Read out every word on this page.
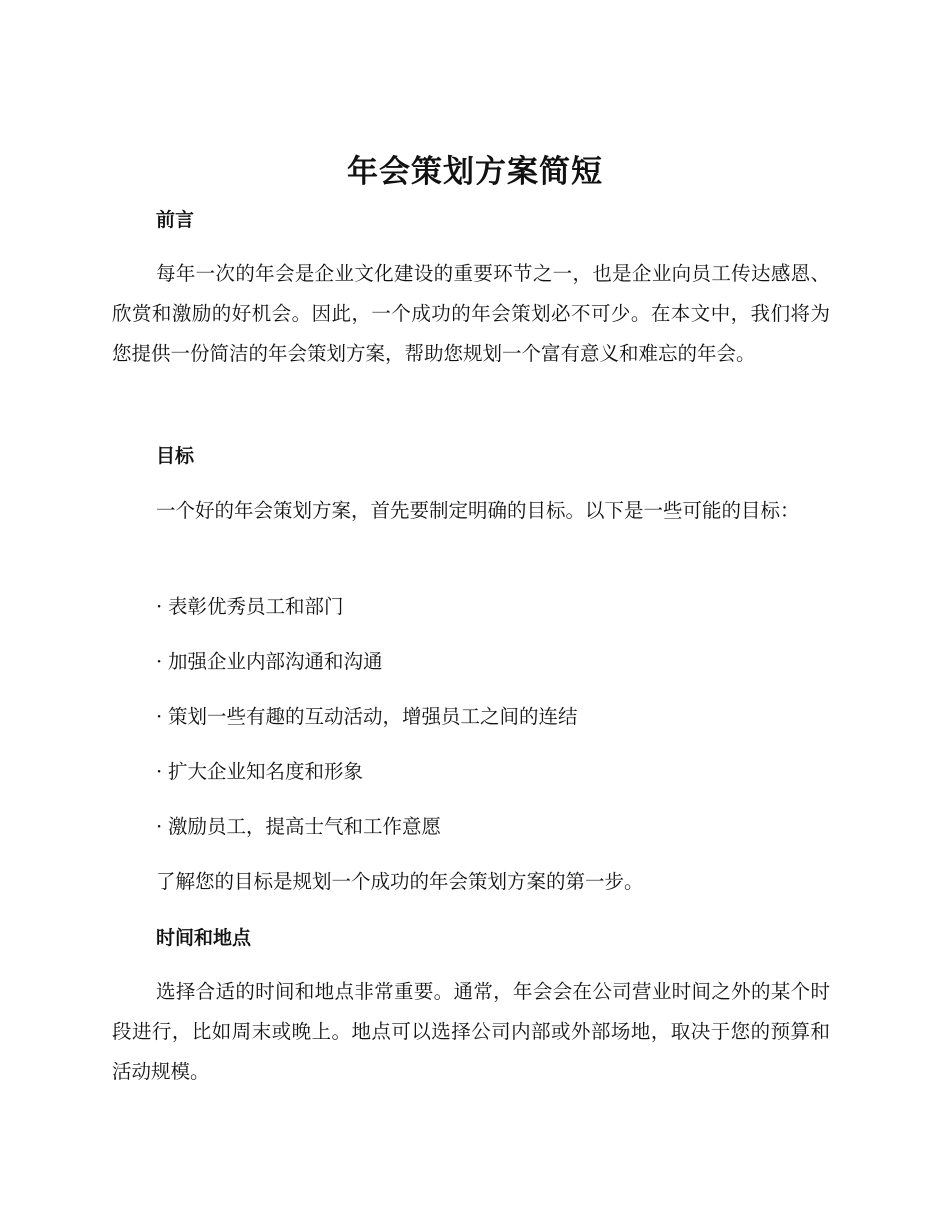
年会策划方案简短
前言

每年一次的年会是企业文化建设的重要环节之一，也是企业向员工传达感恩、欣赏和激励的好机会。因此，一个成功的年会策划必不可少。在本文中，我们将为您提供一份简洁的年会策划方案，帮助您规划一个富有意义和难忘的年会。

目标

一个好的年会策划方案，首先要制定明确的目标。以下是一些可能的目标：

· 表彰优秀员工和部门
· 加强企业内部沟通和沟通
· 策划一些有趣的互动活动，增强员工之间的连结
· 扩大企业知名度和形象
· 激励员工，提高士气和工作意愿
了解您的目标是规划一个成功的年会策划方案的第一步。
时间和地点

选择合适的时间和地点非常重要。通常，年会会在公司营业时间之外的某个时段进行，比如周末或晚上。地点可以选择公司内部或外部场地，取决于您的预算和活动规模。
